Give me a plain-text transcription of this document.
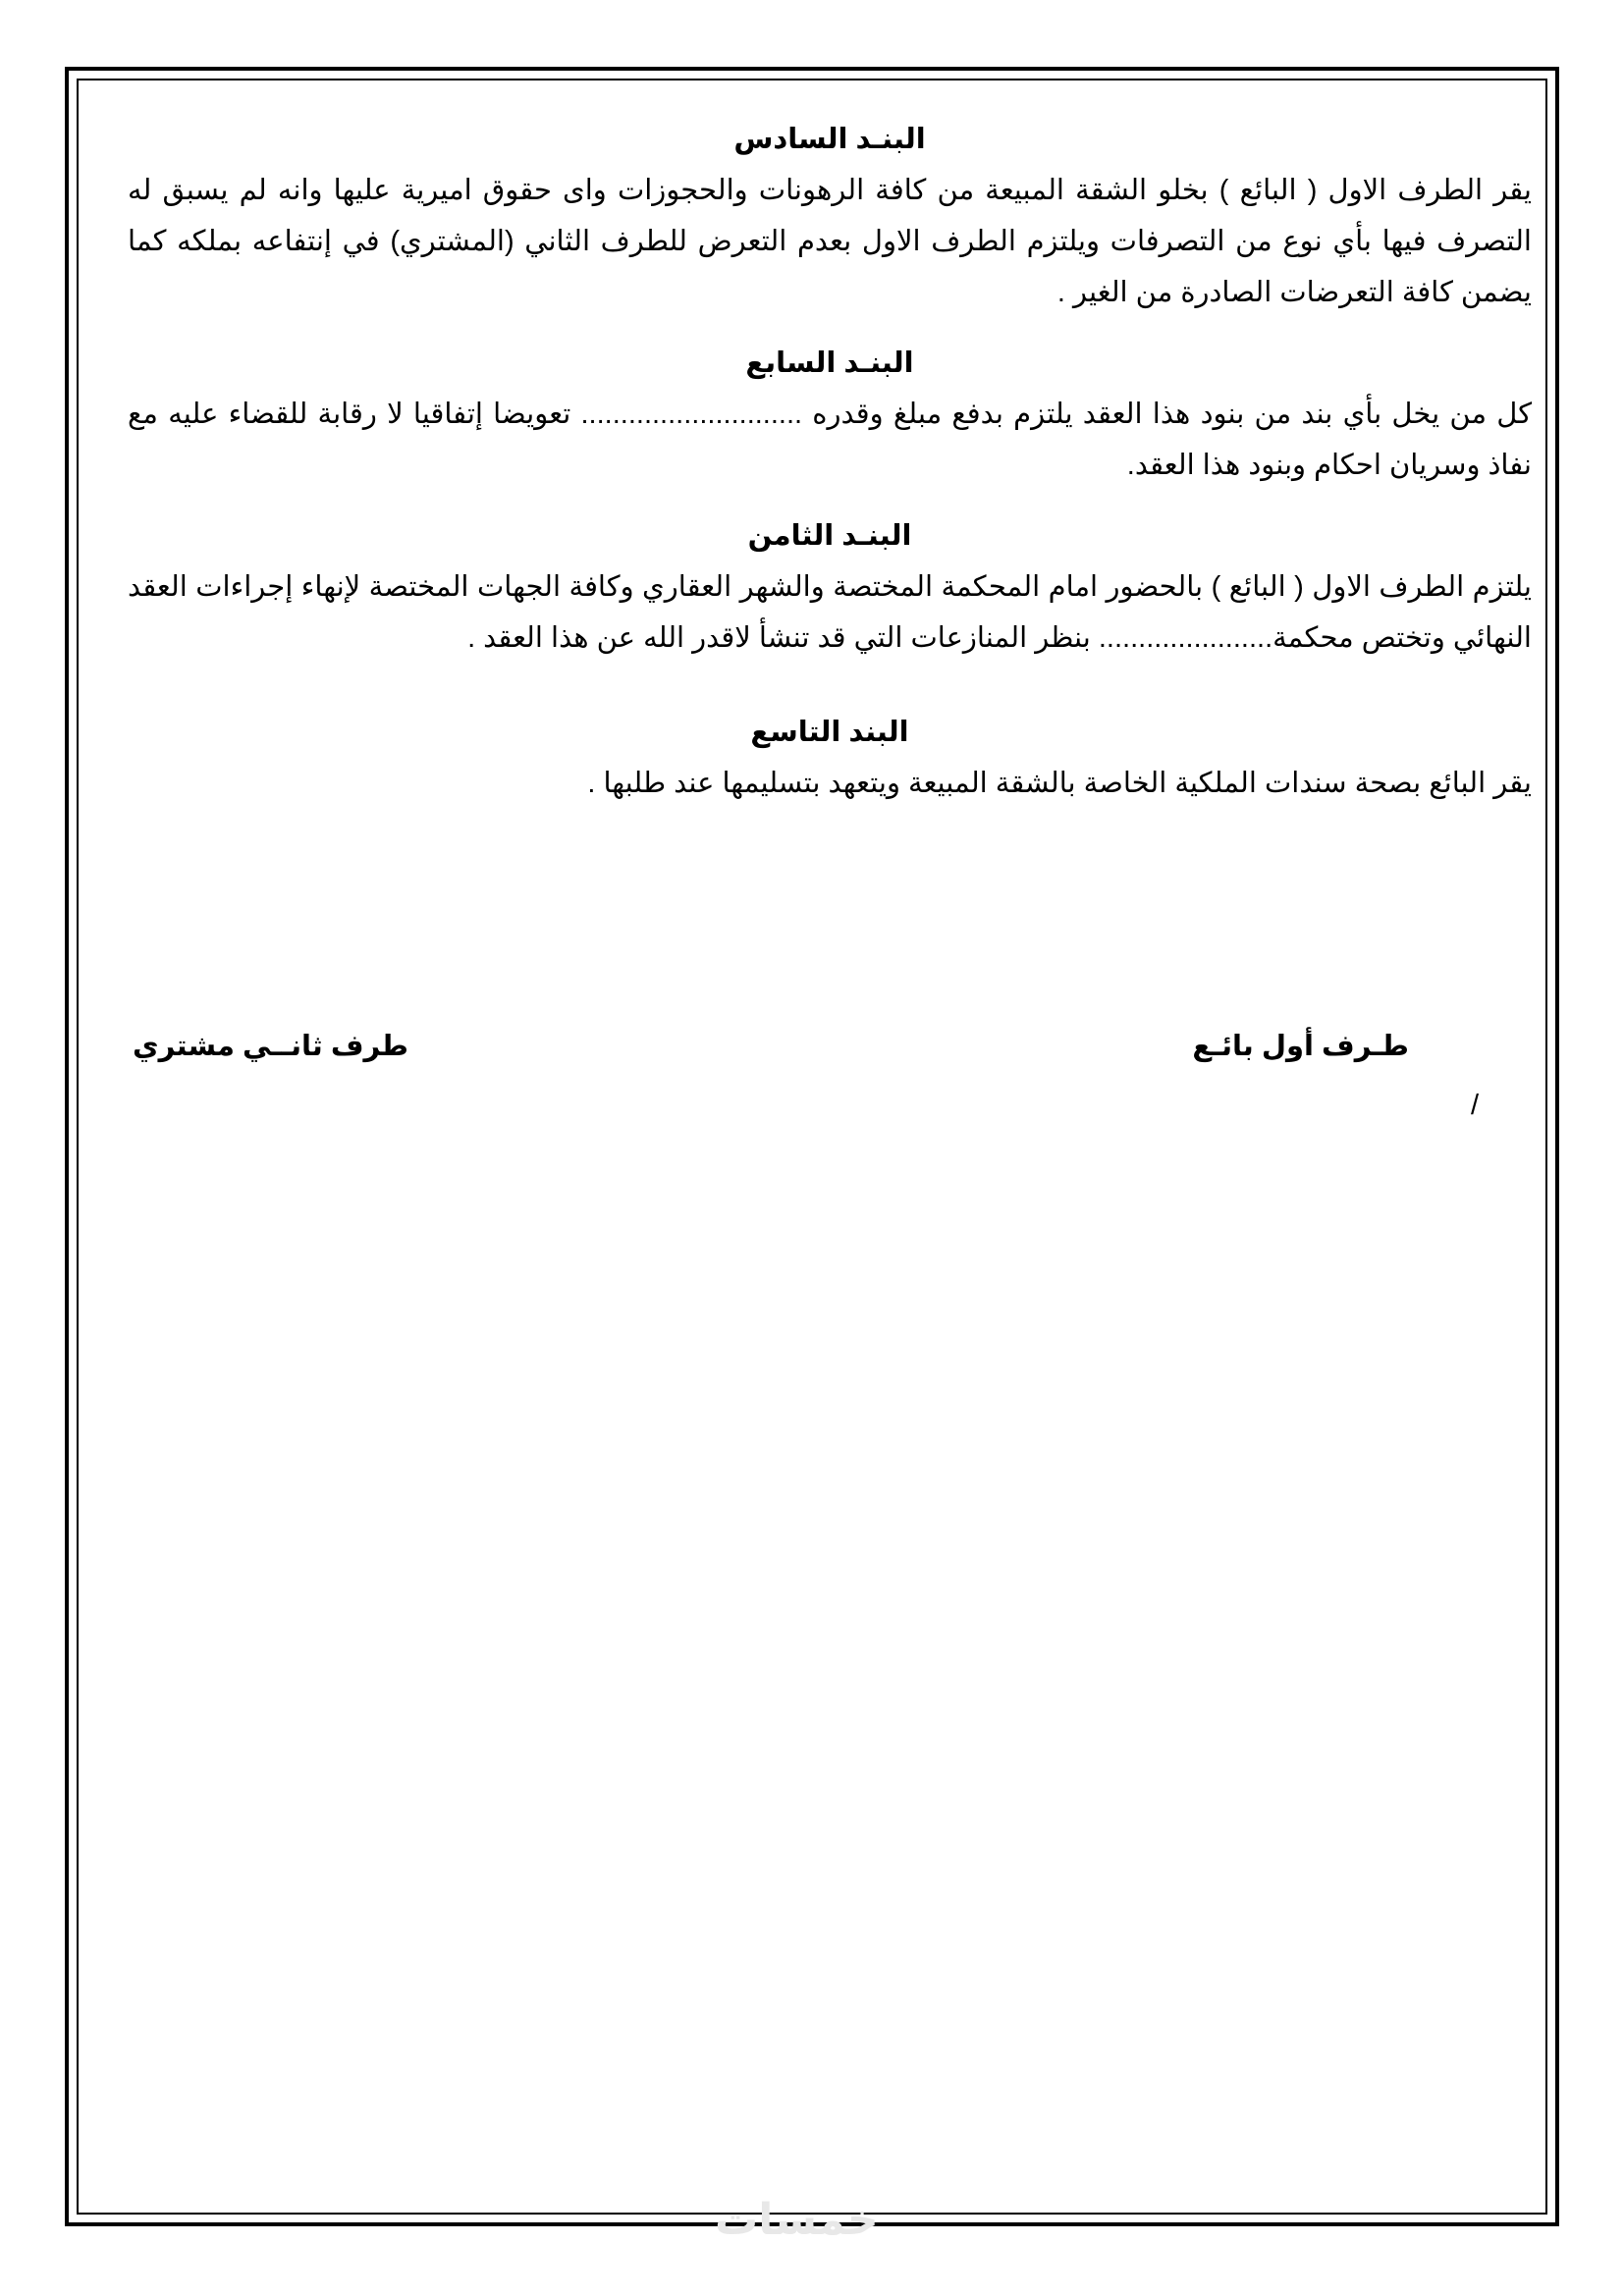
البنـد السادس

يقر الطرف الاول ( البائع ) بخلو الشقة المبيعة من كافة الرهونات والحجوزات واى حقوق اميرية عليها وانه لم يسبق له التصرف فيها بأي نوع من التصرفات ويلتزم الطرف الاول بعدم التعرض للطرف الثاني (المشتري) في إنتفاعه بملكه كما يضمن كافة التعرضات الصادرة من الغير .

البنـد السابع

كل من يخل بأي بند من بنود هذا العقد يلتزم بدفع مبلغ وقدره ............................ تعويضا إتفاقيا لا رقابة للقضاء عليه مع نفاذ وسريان احكام وبنود هذا العقد.

البنـد الثامن

يلتزم الطرف الاول ( البائع ) بالحضور امام المحكمة المختصة والشهر العقاري وكافة الجهات المختصة لإنهاء إجراءات العقد النهائي وتختص محكمة...................... بنظر المنازعات التي قد تنشأ لاقدر الله عن هذا العقد .

البند التاسع

يقر البائع بصحة سندات الملكية الخاصة بالشقة المبيعة ويتعهد بتسليمها عند طلبها .

طـرف أول بائـع
طرف ثانــي مشتري
/
خمسات
